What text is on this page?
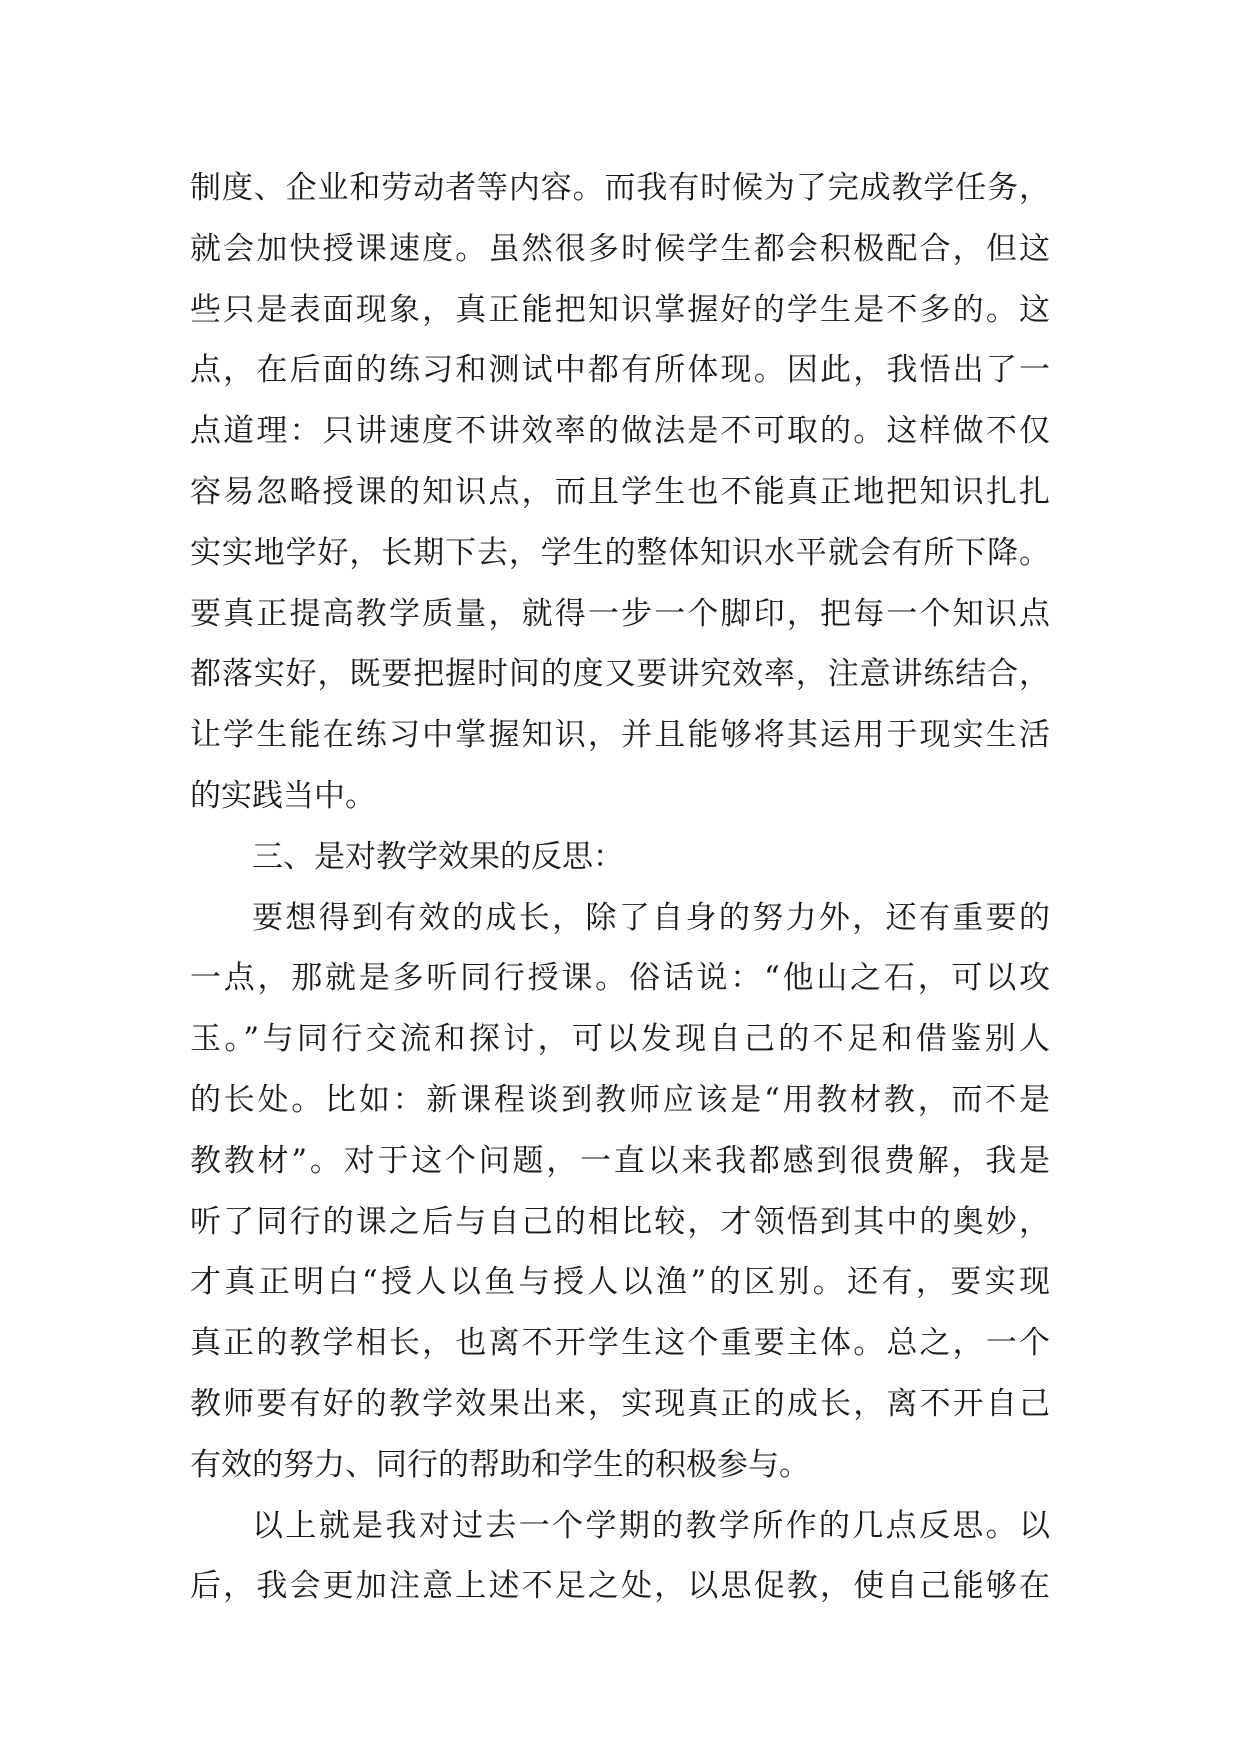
制度、企业和劳动者等内容。而我有时候为了完成教学任务，
就会加快授课速度。虽然很多时候学生都会积极配合，但这
些只是表面现象，真正能把知识掌握好的学生是不多的。这
点，在后面的练习和测试中都有所体现。因此，我悟出了一
点道理：只讲速度不讲效率的做法是不可取的。这样做不仅
容易忽略授课的知识点，而且学生也不能真正地把知识扎扎
实实地学好，长期下去，学生的整体知识水平就会有所下降。
要真正提高教学质量，就得一步一个脚印，把每一个知识点
都落实好，既要把握时间的度又要讲究效率，注意讲练结合，
让学生能在练习中掌握知识，并且能够将其运用于现实生活
的实践当中。
三、是对教学效果的反思：
要想得到有效的成长，除了自身的努力外，还有重要的
一点，那就是多听同行授课。俗话说：“他山之石，可以攻
玉。”与同行交流和探讨，可以发现自己的不足和借鉴别人
的长处。比如：新课程谈到教师应该是“用教材教，而不是
教教材”。对于这个问题，一直以来我都感到很费解，我是
听了同行的课之后与自己的相比较，才领悟到其中的奥妙，
才真正明白“授人以鱼与授人以渔”的区别。还有，要实现
真正的教学相长，也离不开学生这个重要主体。总之，一个
教师要有好的教学效果出来，实现真正的成长，离不开自己
有效的努力、同行的帮助和学生的积极参与。
以上就是我对过去一个学期的教学所作的几点反思。以
后，我会更加注意上述不足之处，以思促教，使自己能够在
